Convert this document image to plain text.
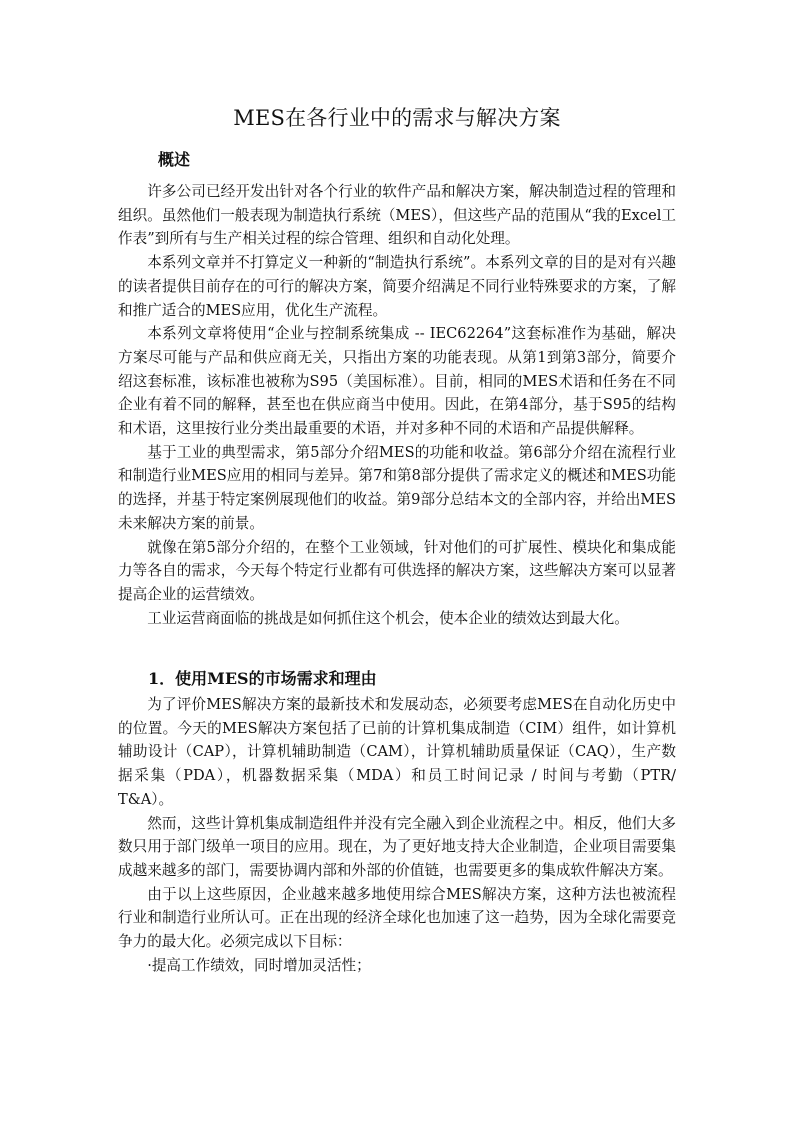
MES在各行业中的需求与解决方案
概述

许多公司已经开发出针对各个行业的软件产品和解决方案，解决制造过程的管理和组织。虽然他们一般表现为制造执行系统（MES），但这些产品的范围从“我的Excel工作表”到所有与生产相关过程的综合管理、组织和自动化处理。

本系列文章并不打算定义一种新的“制造执行系统”。本系列文章的目的是对有兴趣的读者提供目前存在的可行的解决方案，简要介绍满足不同行业特殊要求的方案，了解和推广适合的MES应用，优化生产流程。

本系列文章将使用“企业与控制系统集成 -- IEC62264”这套标准作为基础，解决方案尽可能与产品和供应商无关，只指出方案的功能表现。从第1到第3部分，简要介绍这套标准，该标准也被称为S95（美国标准）。目前，相同的MES术语和任务在不同企业有着不同的解释，甚至也在供应商当中使用。因此，在第4部分，基于S95的结构和术语，这里按行业分类出最重要的术语，并对多种不同的术语和产品提供解释。

基于工业的典型需求，第5部分介绍MES的功能和收益。第6部分介绍在流程行业和制造行业MES应用的相同与差异。第7和第8部分提供了需求定义的概述和MES功能的选择，并基于特定案例展现他们的收益。第9部分总结本文的全部内容，并给出MES未来解决方案的前景。

就像在第5部分介绍的，在整个工业领域，针对他们的可扩展性、模块化和集成能力等各自的需求，今天每个特定行业都有可供选择的解决方案，这些解决方案可以显著提高企业的运营绩效。

工业运营商面临的挑战是如何抓住这个机会，使本企业的绩效达到最大化。

1．使用MES的市场需求和理由

为了评价MES解决方案的最新技术和发展动态，必须要考虑MES在自动化历史中的位置。今天的MES解决方案包括了已前的计算机集成制造（CIM）组件，如计算机辅助设计（CAP），计算机辅助制造（CAM），计算机辅助质量保证（CAQ），生产数据采集（PDA），机器数据采集（MDA）和员工时间记录 / 时间与考勤（PTR/ T&A）。

然而，这些计算机集成制造组件并没有完全融入到企业流程之中。相反，他们大多数只用于部门级单一项目的应用。现在，为了更好地支持大企业制造，企业项目需要集成越来越多的部门，需要协调内部和外部的价值链，也需要更多的集成软件解决方案。

由于以上这些原因，企业越来越多地使用综合MES解决方案，这种方法也被流程行业和制造行业所认可。正在出现的经济全球化也加速了这一趋势，因为全球化需要竞争力的最大化。必须完成以下目标：

·提高工作绩效，同时增加灵活性；
